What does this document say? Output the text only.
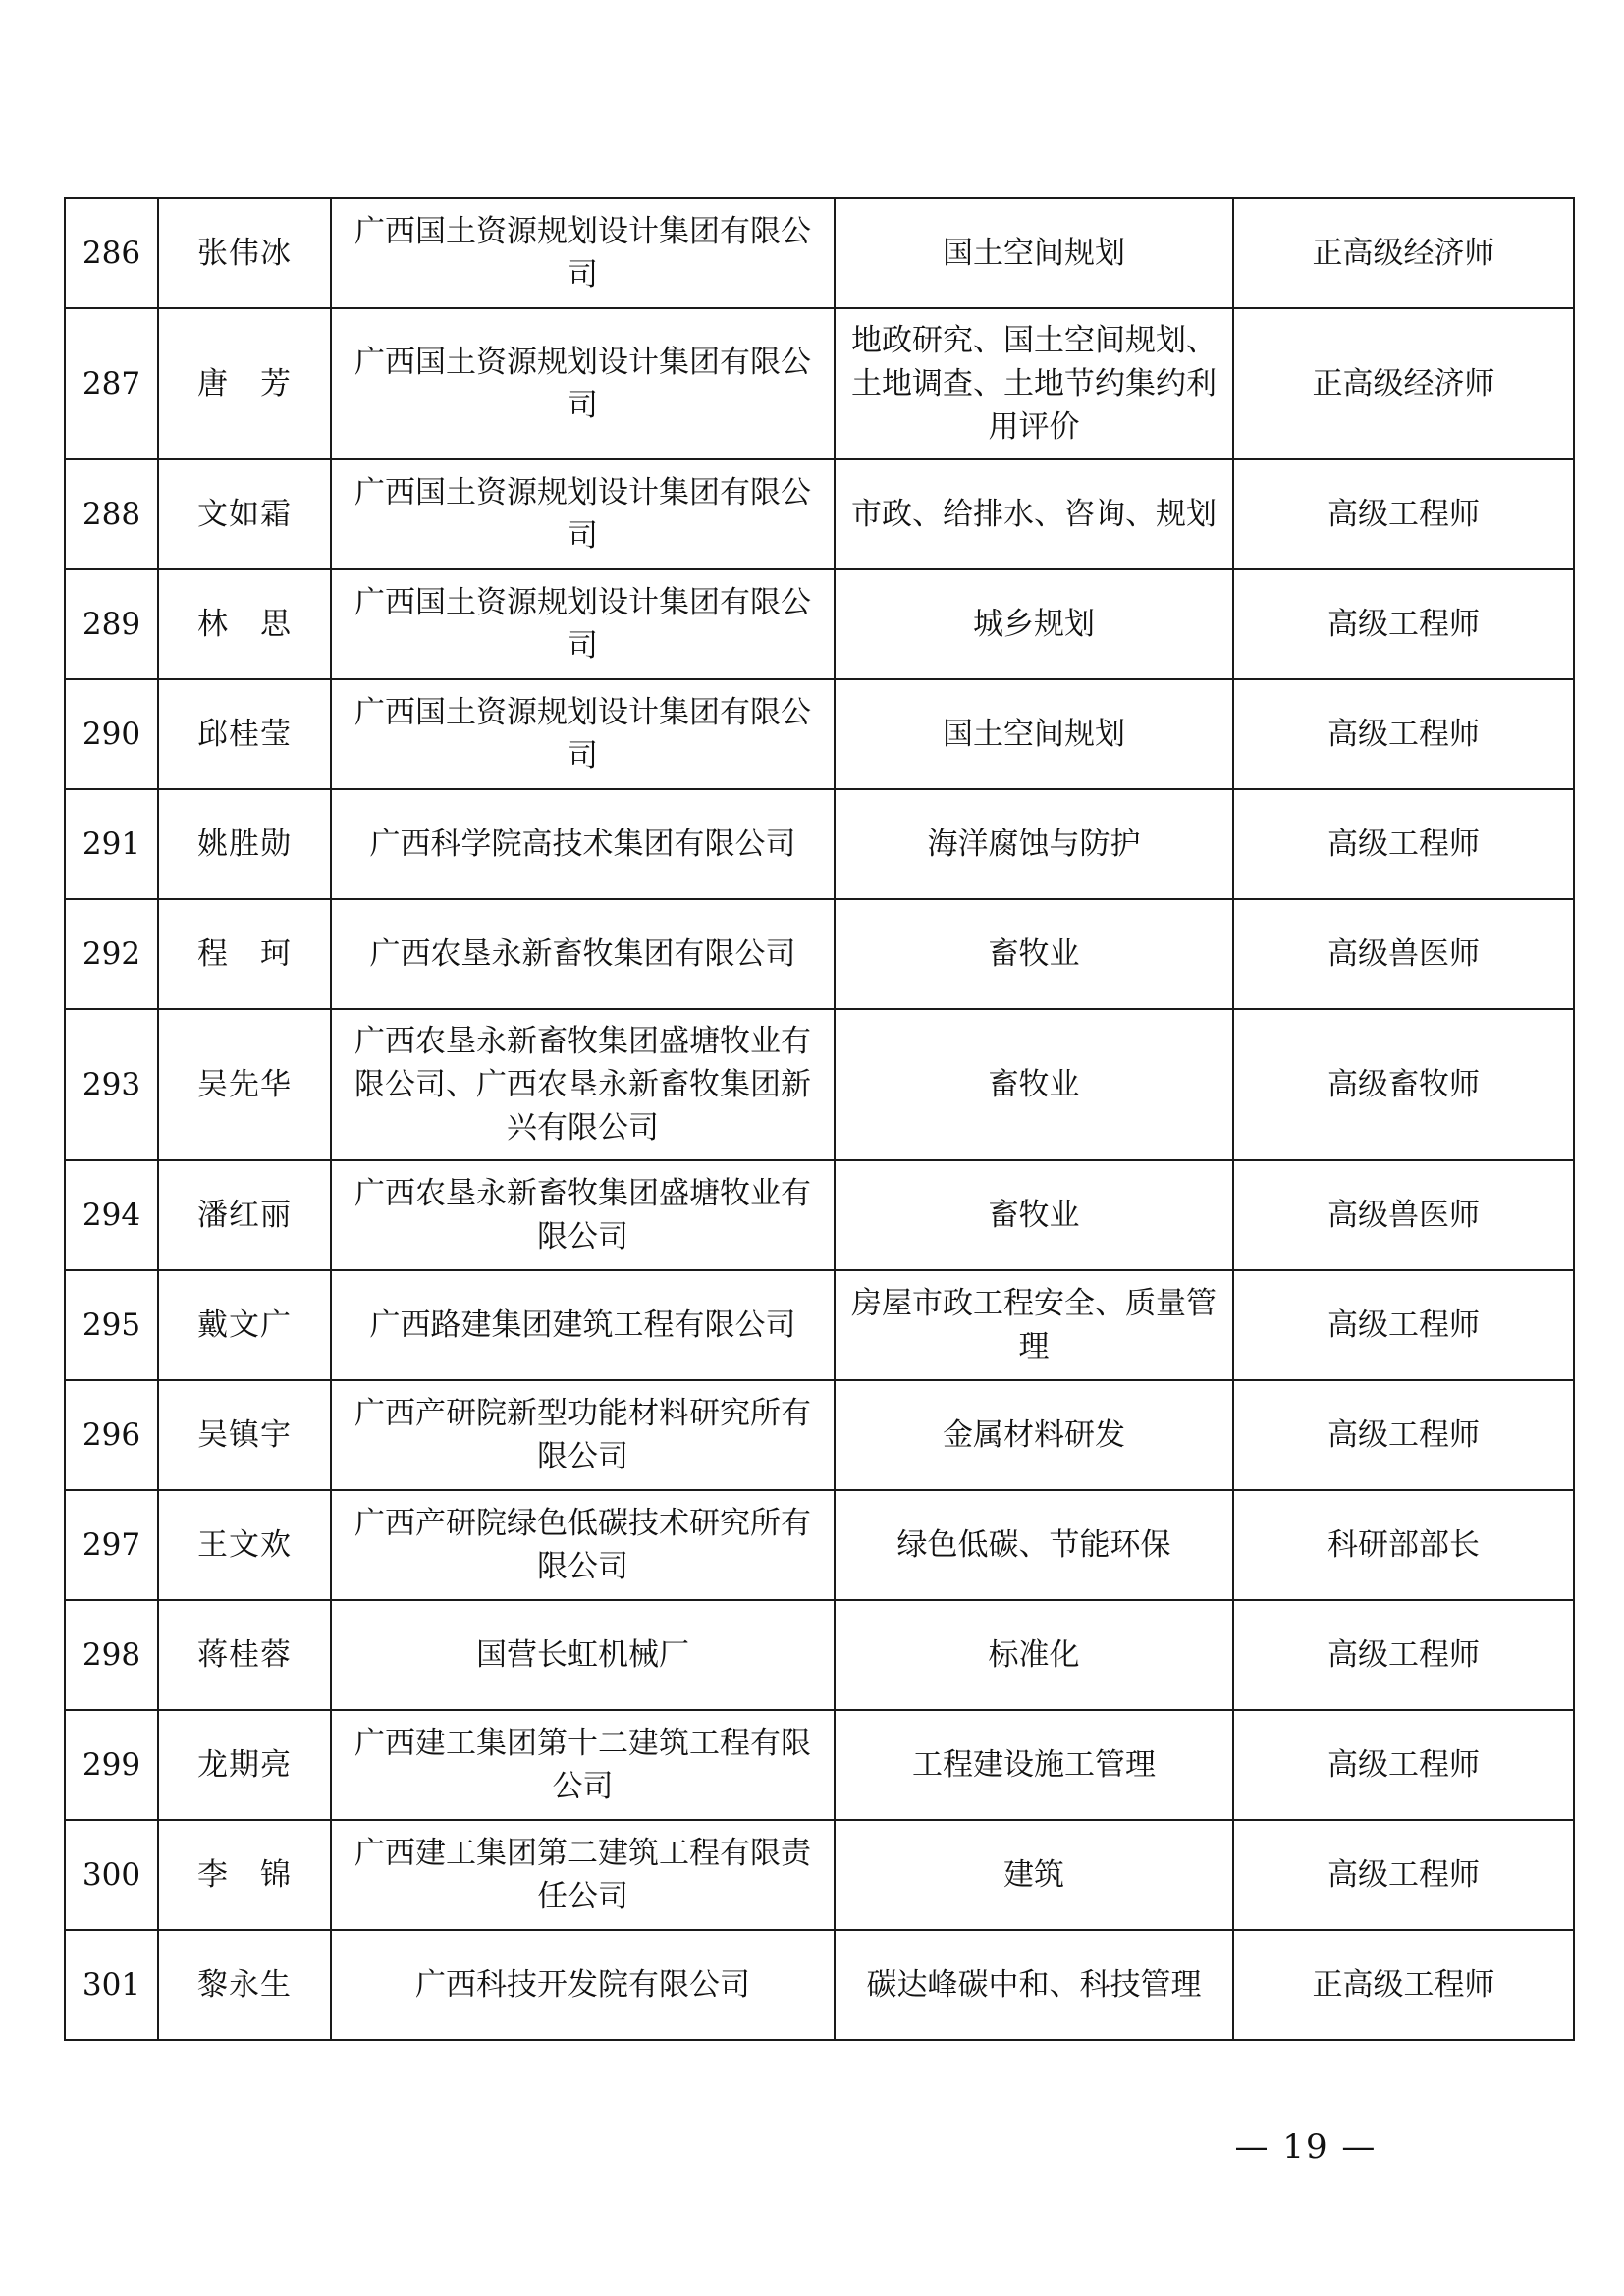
286	张伟冰	广西国土资源规划设计集团有限公司	国土空间规划	正高级经济师
287	唐　芳	广西国土资源规划设计集团有限公司	地政研究、国土空间规划、土地调查、土地节约集约利用评价	正高级经济师
288	文如霜	广西国土资源规划设计集团有限公司	市政、给排水、咨询、规划	高级工程师
289	林　思	广西国土资源规划设计集团有限公司	城乡规划	高级工程师
290	邱桂莹	广西国土资源规划设计集团有限公司	国土空间规划	高级工程师
291	姚胜勋	广西科学院高技术集团有限公司	海洋腐蚀与防护	高级工程师
292	程　珂	广西农垦永新畜牧集团有限公司	畜牧业	高级兽医师
293	吴先华	广西农垦永新畜牧集团盛塘牧业有限公司、广西农垦永新畜牧集团新兴有限公司	畜牧业	高级畜牧师
294	潘红丽	广西农垦永新畜牧集团盛塘牧业有限公司	畜牧业	高级兽医师
295	戴文广	广西路建集团建筑工程有限公司	房屋市政工程安全、质量管理	高级工程师
296	吴镇宇	广西产研院新型功能材料研究所有限公司	金属材料研发	高级工程师
297	王文欢	广西产研院绿色低碳技术研究所有限公司	绿色低碳、节能环保	科研部部长
298	蒋桂蓉	国营长虹机械厂	标准化	高级工程师
299	龙期亮	广西建工集团第十二建筑工程有限公司	工程建设施工管理	高级工程师
300	李　锦	广西建工集团第二建筑工程有限责任公司	建筑	高级工程师
301	黎永生	广西科技开发院有限公司	碳达峰碳中和、科技管理	正高级工程师
— 19 —
